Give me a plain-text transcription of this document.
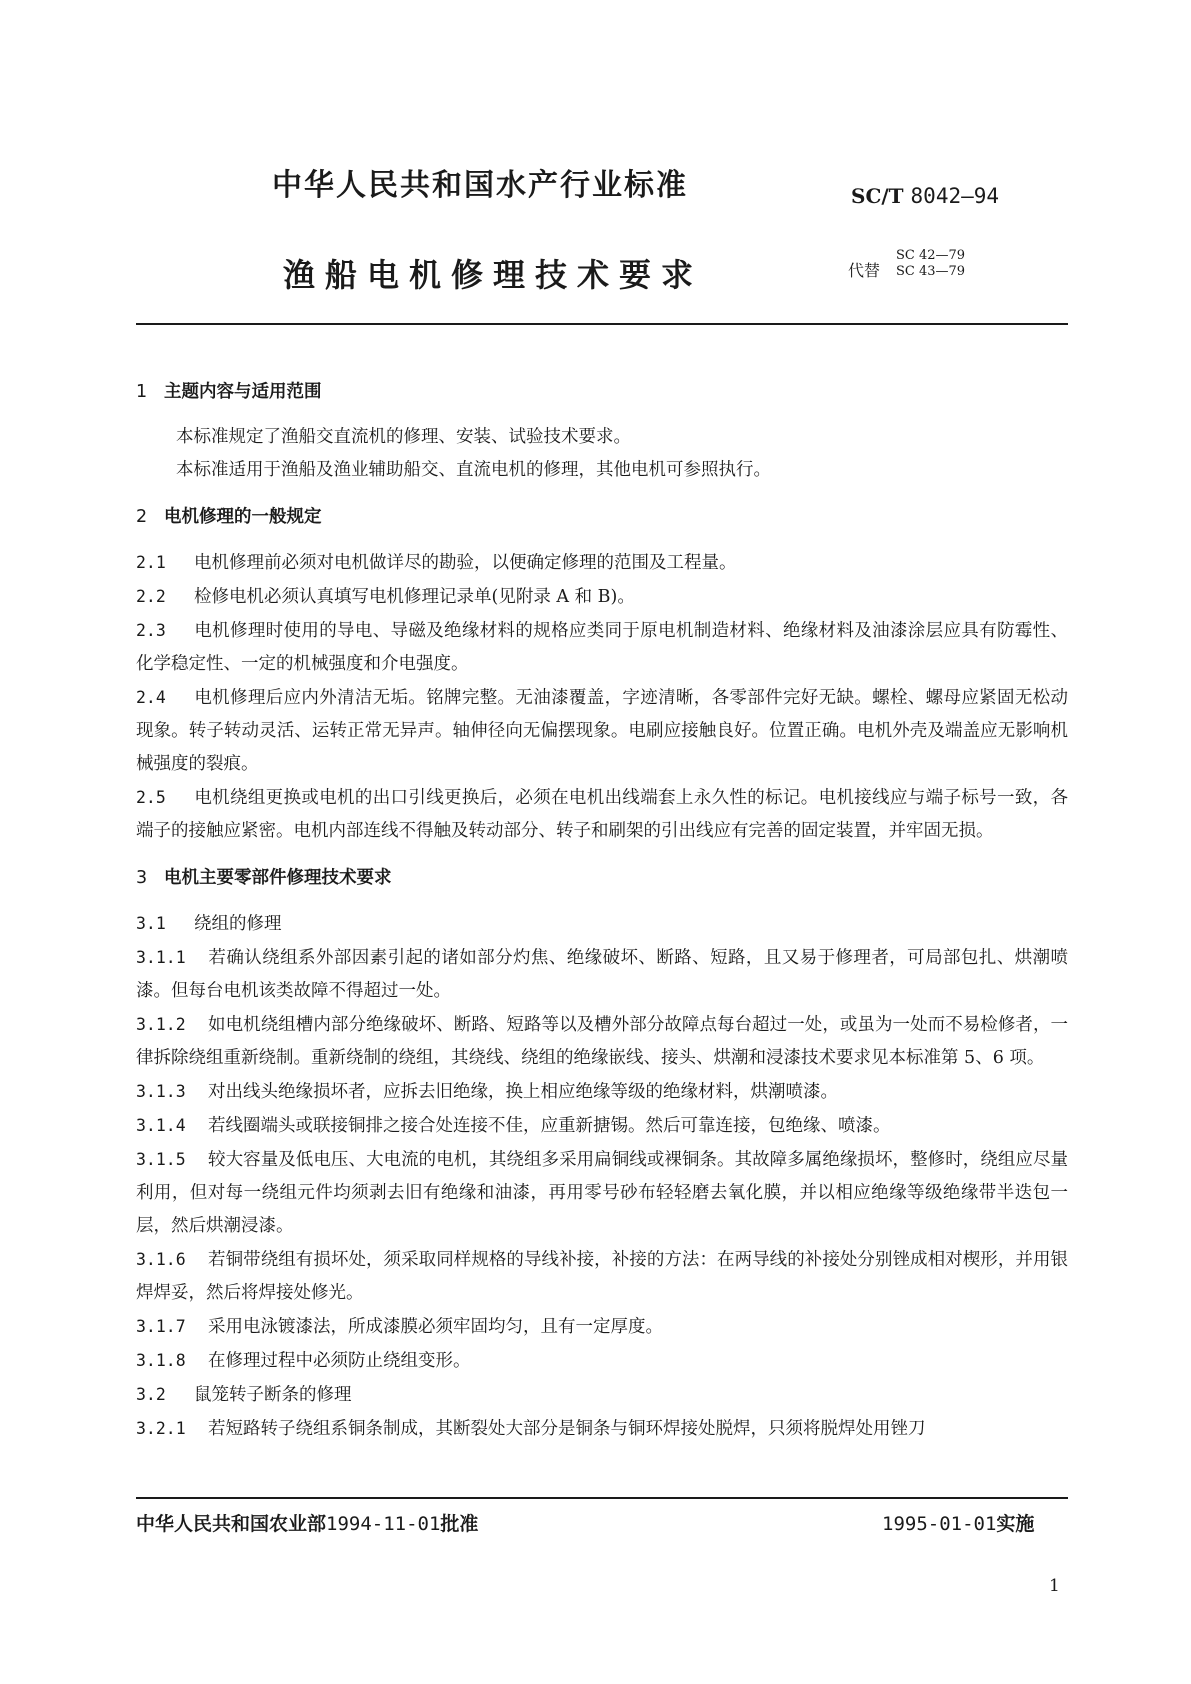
中华人民共和国水产行业标准	SC/T 8042—94
渔船电机修理技术要求	代替
SC 42—79
SC 43—79
1 主题内容与适用范围

本标准规定了渔船交直流机的修理、安装、试验技术要求。

本标准适用于渔船及渔业辅助船交、直流电机的修理，其他电机可参照执行。

2 电机修理的一般规定

2.1 电机修理前必须对电机做详尽的勘验，以便确定修理的范围及工程量。

2.2 检修电机必须认真填写电机修理记录单(见附录 A 和 B)。

2.3 电机修理时使用的导电、导磁及绝缘材料的规格应类同于原电机制造材料、绝缘材料及油漆涂层应具有防霉性、化学稳定性、一定的机械强度和介电强度。

2.4 电机修理后应内外清洁无垢。铭牌完整。无油漆覆盖，字迹清晰，各零部件完好无缺。螺栓、螺母应紧固无松动现象。转子转动灵活、运转正常无异声。轴伸径向无偏摆现象。电刷应接触良好。位置正确。电机外壳及端盖应无影响机械强度的裂痕。

2.5 电机绕组更换或电机的出口引线更换后，必须在电机出线端套上永久性的标记。电机接线应与端子标号一致，各端子的接触应紧密。电机内部连线不得触及转动部分、转子和刷架的引出线应有完善的固定装置，并牢固无损。

3 电机主要零部件修理技术要求

3.1 绕组的修理

3.1.1 若确认绕组系外部因素引起的诸如部分灼焦、绝缘破坏、断路、短路，且又易于修理者，可局部包扎、烘潮喷漆。但每台电机该类故障不得超过一处。

3.1.2 如电机绕组槽内部分绝缘破坏、断路、短路等以及槽外部分故障点每台超过一处，或虽为一处而不易检修者，一律拆除绕组重新绕制。重新绕制的绕组，其绕线、绕组的绝缘嵌线、接头、烘潮和浸漆技术要求见本标准第 5、6 项。

3.1.3 对出线头绝缘损坏者，应拆去旧绝缘，换上相应绝缘等级的绝缘材料，烘潮喷漆。

3.1.4 若线圈端头或联接铜排之接合处连接不佳，应重新搪锡。然后可靠连接，包绝缘、喷漆。

3.1.5 较大容量及低电压、大电流的电机，其绕组多采用扁铜线或裸铜条。其故障多属绝缘损坏，整修时，绕组应尽量利用，但对每一绕组元件均须剥去旧有绝缘和油漆，再用零号砂布轻轻磨去氧化膜，并以相应绝缘等级绝缘带半迭包一层，然后烘潮浸漆。

3.1.6 若铜带绕组有损坏处，须采取同样规格的导线补接，补接的方法：在两导线的补接处分别锉成相对楔形，并用银焊焊妥，然后将焊接处修光。

3.1.7 采用电泳镀漆法，所成漆膜必须牢固均匀，且有一定厚度。

3.1.8 在修理过程中必须防止绕组变形。

3.2 鼠笼转子断条的修理

3.2.1 若短路转子绕组系铜条制成，其断裂处大部分是铜条与铜环焊接处脱焊，只须将脱焊处用锉刀

中华人民共和国农业部1994-11-01批准	1995-01-01实施
1
